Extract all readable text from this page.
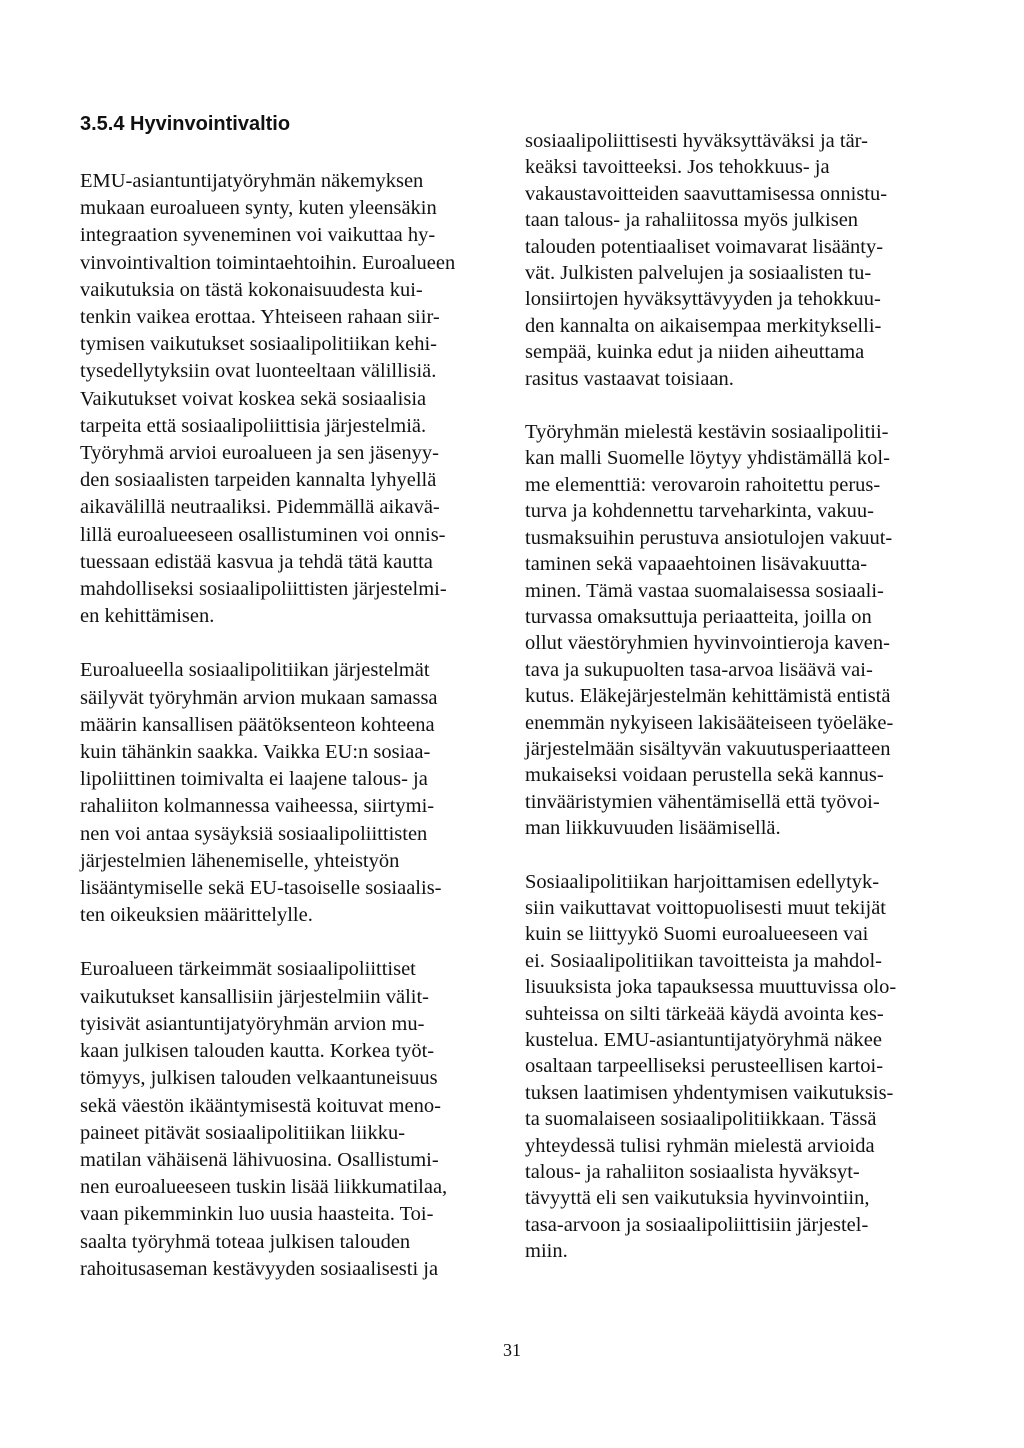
3.5.4 Hyvinvointivaltio
EMU-asiantuntijatyöryhmän näkemyksen
mukaan euroalueen synty, kuten yleensäkin
integraation syveneminen voi vaikuttaa hy-
vinvointivaltion toimintaehtoihin. Euroalueen
vaikutuksia on tästä kokonaisuudesta kui-
tenkin vaikea erottaa. Yhteiseen rahaan siir-
tymisen vaikutukset sosiaalipolitiikan kehi-
tysedellytyksiin ovat luonteeltaan välillisiä.
Vaikutukset voivat koskea sekä sosiaalisia
tarpeita että sosiaalipoliittisia järjestelmiä.
Työryhmä arvioi euroalueen ja sen jäsenyy-
den sosiaalisten tarpeiden kannalta lyhyellä
aikavälillä neutraaliksi. Pidemmällä aikavä-
lillä euroalueeseen osallistuminen voi onnis-
tuessaan edistää kasvua ja tehdä tätä kautta
mahdolliseksi sosiaalipoliittisten järjestelmi-
en kehittämisen.
Euroalueella sosiaalipolitiikan järjestelmät
säilyvät työryhmän arvion mukaan samassa
määrin kansallisen päätöksenteon kohteena
kuin tähänkin saakka. Vaikka EU:n sosiaa-
lipoliittinen toimivalta ei laajene talous- ja
rahaliiton kolmannessa vaiheessa, siirtymi-
nen voi antaa sysäyksiä sosiaalipoliittisten
järjestelmien lähenemiselle, yhteistyön
lisääntymiselle sekä EU-tasoiselle sosiaalis-
ten oikeuksien määrittelylle.
Euroalueen tärkeimmät sosiaalipoliittiset
vaikutukset kansallisiin järjestelmiin välit-
tyisivät asiantuntijatyöryhmän arvion mu-
kaan julkisen talouden kautta. Korkea työt-
tömyys, julkisen talouden velkaantuneisuus
sekä väestön ikääntymisestä koituvat meno-
paineet pitävät sosiaalipolitiikan liikku-
matilan vähäisenä lähivuosina. Osallistumi-
nen euroalueeseen tuskin lisää liikkumatilaa,
vaan pikemminkin luo uusia haasteita. Toi-
saalta työryhmä toteaa julkisen talouden
rahoitusaseman kestävyyden sosiaalisesti ja
sosiaalipoliittisesti hyväksyttäväksi ja tär-
keäksi tavoitteeksi. Jos tehokkuus- ja
vakaustavoitteiden saavuttamisessa onnistu-
taan talous- ja rahaliitossa myös julkisen
talouden potentiaaliset voimavarat lisäänty-
vät. Julkisten palvelujen ja sosiaalisten tu-
lonsiirtojen hyväksyttävyyden ja tehokkuu-
den kannalta on aikaisempaa merkitykselli-
sempää, kuinka edut ja niiden aiheuttama
rasitus vastaavat toisiaan.
Työryhmän mielestä kestävin sosiaalipolitii-
kan malli Suomelle löytyy yhdistämällä kol-
me elementtiä: verovaroin rahoitettu perus-
turva ja kohdennettu tarveharkinta, vakuu-
tusmaksuihin perustuva ansiotulojen vakuut-
taminen sekä vapaaehtoinen lisävakuutta-
minen. Tämä vastaa suomalaisessa sosiaali-
turvassa omaksuttuja periaatteita, joilla on
ollut väestöryhmien hyvinvointieroja kaven-
tava ja sukupuolten tasa-arvoa lisäävä vai-
kutus. Eläkejärjestelmän kehittämistä entistä
enemmän nykyiseen lakisääteiseen työeläke-
järjestelmään sisältyvän vakuutusperiaatteen
mukaiseksi voidaan perustella sekä kannus-
tinvääristymien vähentämisellä että työvoi-
man liikkuvuuden lisäämisellä.
Sosiaalipolitiikan harjoittamisen edellytyk-
siin vaikuttavat voittopuolisesti muut tekijät
kuin se liittyykö Suomi euroalueeseen vai
ei. Sosiaalipolitiikan tavoitteista ja mahdol-
lisuuksista joka tapauksessa muuttuvissa olo-
suhteissa on silti tärkeää käydä avointa kes-
kustelua. EMU-asiantuntijatyöryhmä näkee
osaltaan tarpeelliseksi perusteellisen kartoi-
tuksen laatimisen yhdentymisen vaikutuksis-
ta suomalaiseen sosiaalipolitiikkaan. Tässä
yhteydessä tulisi ryhmän mielestä arvioida
talous- ja rahaliiton sosiaalista hyväksyt-
tävyyttä eli sen vaikutuksia hyvinvointiin,
tasa-arvoon ja sosiaalipoliittisiin järjestel-
miin.
31
